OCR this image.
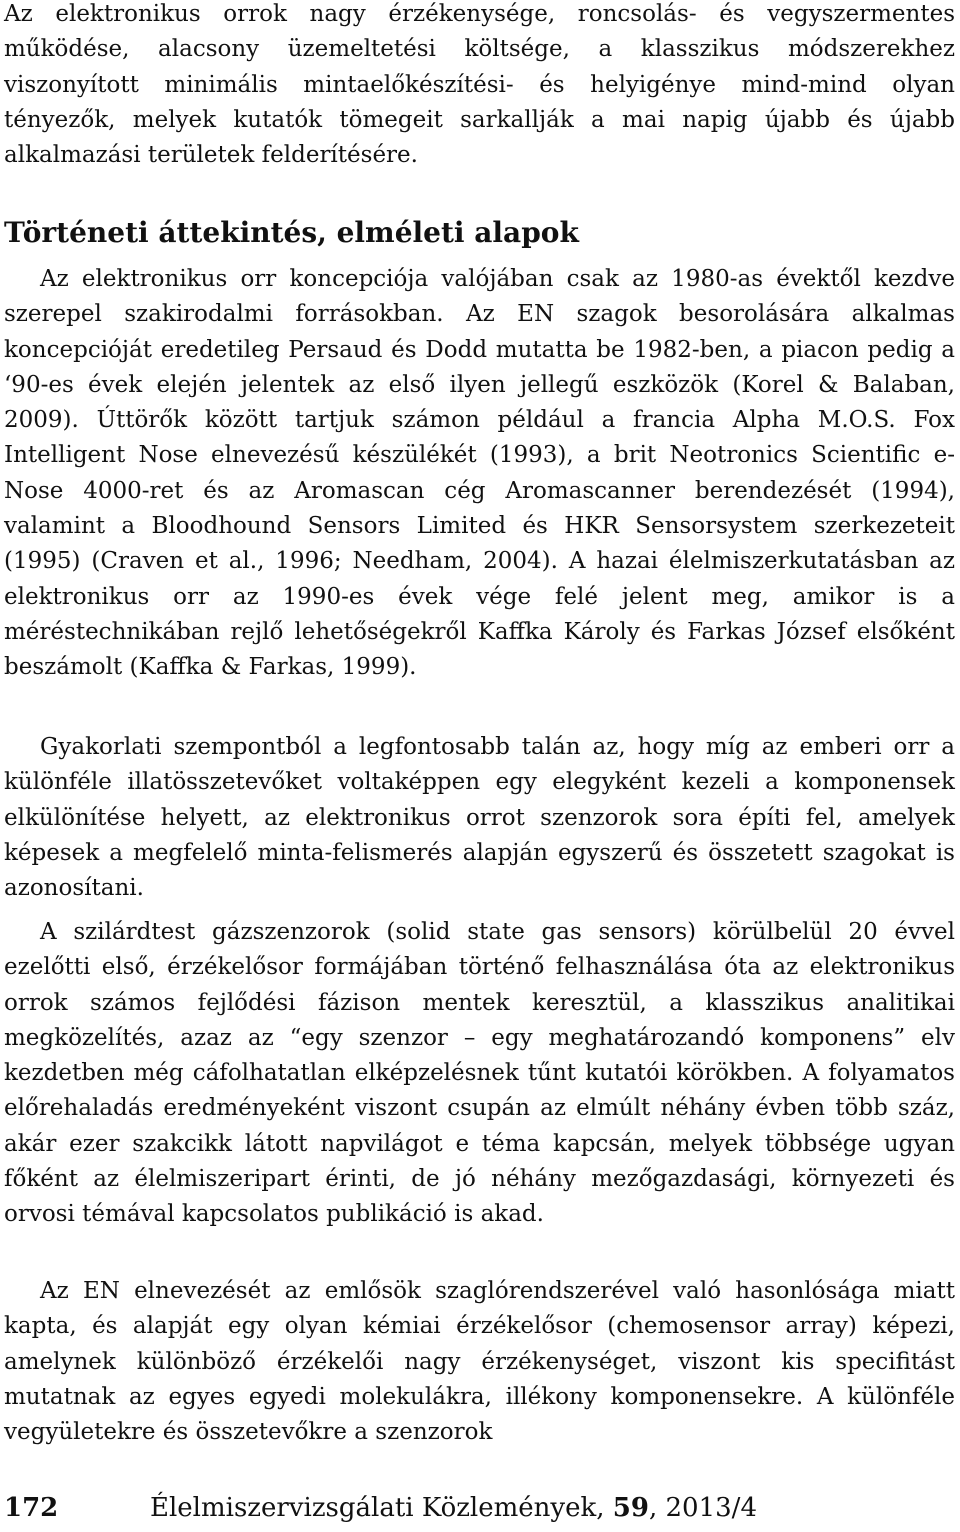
Az elektronikus orrok nagy érzékenysége, roncsolás- és vegyszermentes működése, alacsony üzemeltetési költsége, a klasszikus módszerekhez viszonyított minimális mintaelőkészítési- és helyigénye mind-mind olyan tényezők, melyek kutatók tömegeit sarkallják a mai napig újabb és újabb alkalmazási területek felderítésére.

Történeti áttekintés, elméleti alapok

Az elektronikus orr koncepciója valójában csak az 1980-as évektől kezdve szerepel szakirodalmi forrásokban. Az EN szagok besorolására alkalmas koncepcióját eredetileg Persaud és Dodd mutatta be 1982-ben, a piacon pedig a ‘90-es évek elején jelentek az első ilyen jellegű eszközök (Korel & Balaban, 2009). Úttörők között tartjuk számon például a francia Alpha M.O.S. Fox Intelligent Nose elnevezésű készülékét (1993), a brit Neotronics Scientific e-Nose 4000-ret és az Aromascan cég Aromascanner berendezését (1994), valamint a Bloodhound Sensors Limited és HKR Sensorsystem szerkezeteit (1995) (Craven et al., 1996; Needham, 2004). A hazai élelmiszerkutatásban az elektronikus orr az 1990-es évek vége felé jelent meg, amikor is a méréstechnikában rejlő lehetőségekről Kaffka Károly és Farkas József elsőként beszámolt (Kaffka & Farkas, 1999).

Gyakorlati szempontból a legfontosabb talán az, hogy míg az emberi orr a különféle illatösszetevőket voltaképpen egy elegyként kezeli a komponensek elkülönítése helyett, az elektronikus orrot szenzorok sora építi fel, amelyek képesek a megfelelő minta-felismerés alapján egyszerű és összetett szagokat is azonosítani.

A szilárdtest gázszenzorok (solid state gas sensors) körülbelül 20 évvel ezelőtti első, érzékelősor formájában történő felhasználása óta az elektronikus orrok számos fejlődési fázison mentek keresztül, a klasszikus analitikai megközelítés, azaz az “egy szenzor – egy meghatározandó komponens” elv kezdetben még cáfolhatatlan elképzelésnek tűnt kutatói körökben. A folyamatos előrehaladás eredményeként viszont csupán az elmúlt néhány évben több száz, akár ezer szakcikk látott napvilágot e téma kapcsán, melyek többsége ugyan főként az élelmiszeripart érinti, de jó néhány mezőgazdasági, környezeti és orvosi témával kapcsolatos publikáció is akad.

Az EN elnevezését az emlősök szaglórendszerével való hasonlósága miatt kapta, és alapját egy olyan kémiai érzékelősor (chemosensor array) képezi, amelynek különböző érzékelői nagy érzékenységet, viszont kis specifitást mutatnak az egyes egyedi molekulákra, illékony komponensekre. A különféle vegyületekre és összetevőkre a szenzorok

172	Élelmiszervizsgálati Közlemények, 59, 2013/4
